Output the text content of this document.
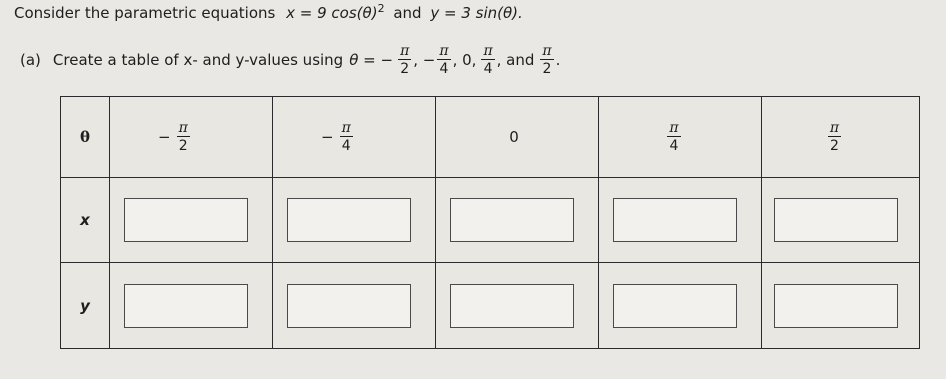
Consider the parametric equations x = 9 $\cos(\theta)^2$ and y = 3 sin(θ).
(a) Create a table of x- and y-values using θ = − $\frac{\pi}{2}$ , − $\frac{\pi}{4}$ , 0, $\frac{\pi}{4}$ , and $\frac{\pi}{2}$ .
θ	− $\frac{\pi}{2}$	− $\frac{\pi}{4}$	0	$\frac{\pi}{4}$	$\frac{\pi}{2}$
x
y
